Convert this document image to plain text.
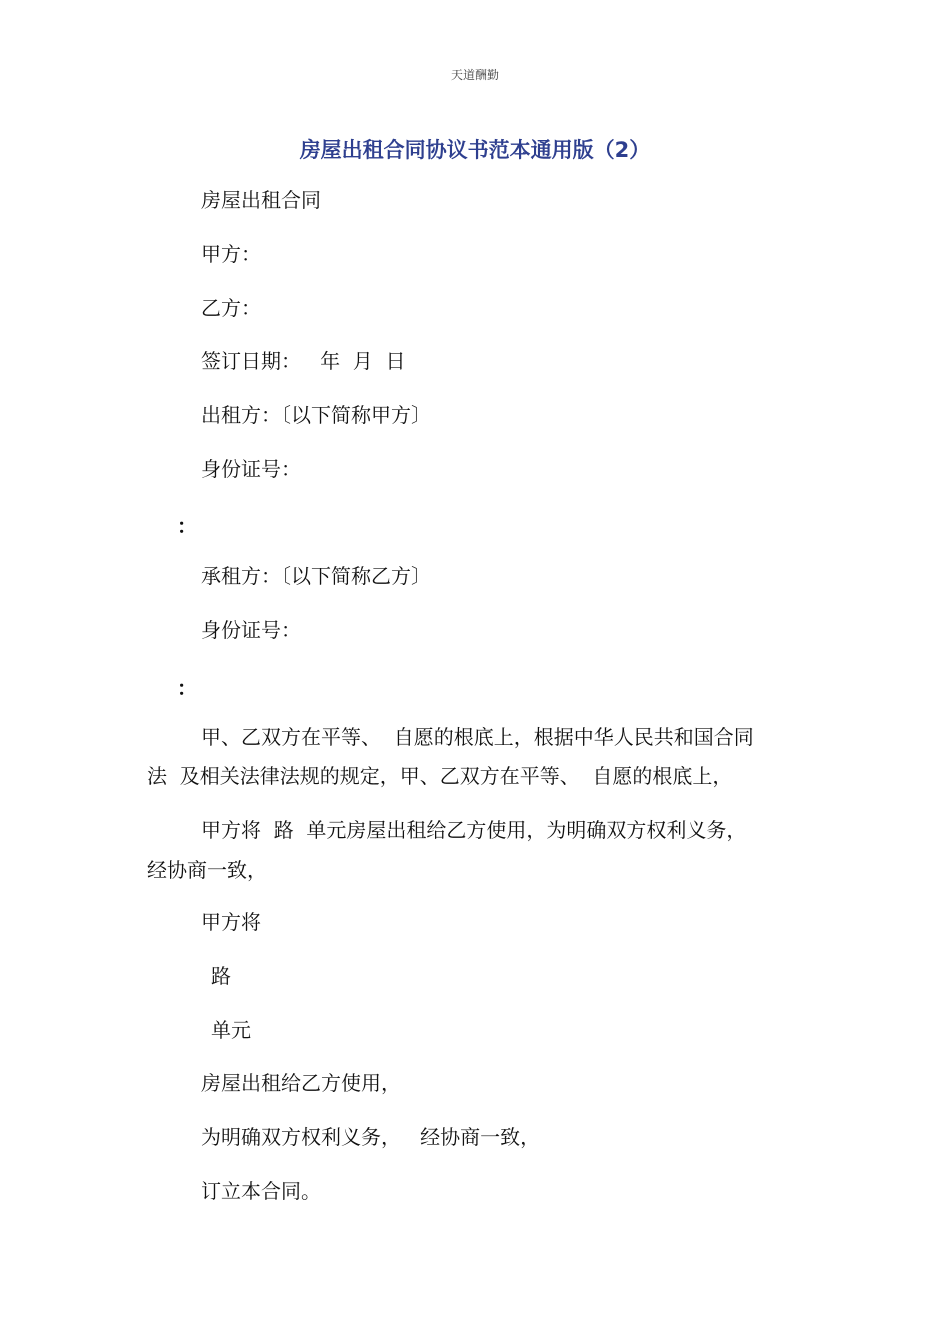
天道酬勤
房屋出租合同协议书范本通用版（2）
房屋出租合同
甲方：
乙方：
签订日期：   年  月  日
出租方：〔以下简称甲方〕
身份证号：
：
承租方：〔以下简称乙方〕
身份证号：
：
甲、乙双方在平等、  自愿的根底上，根据中华人民共和国合同
法  及相关法律法规的规定，甲、乙双方在平等、  自愿的根底上，
甲方将  路  单元房屋出租给乙方使用，为明确双方权利义务，
经协商一致，
甲方将
路
单元
房屋出租给乙方使用，
为明确双方权利义务，   经协商一致，
订立本合同。
